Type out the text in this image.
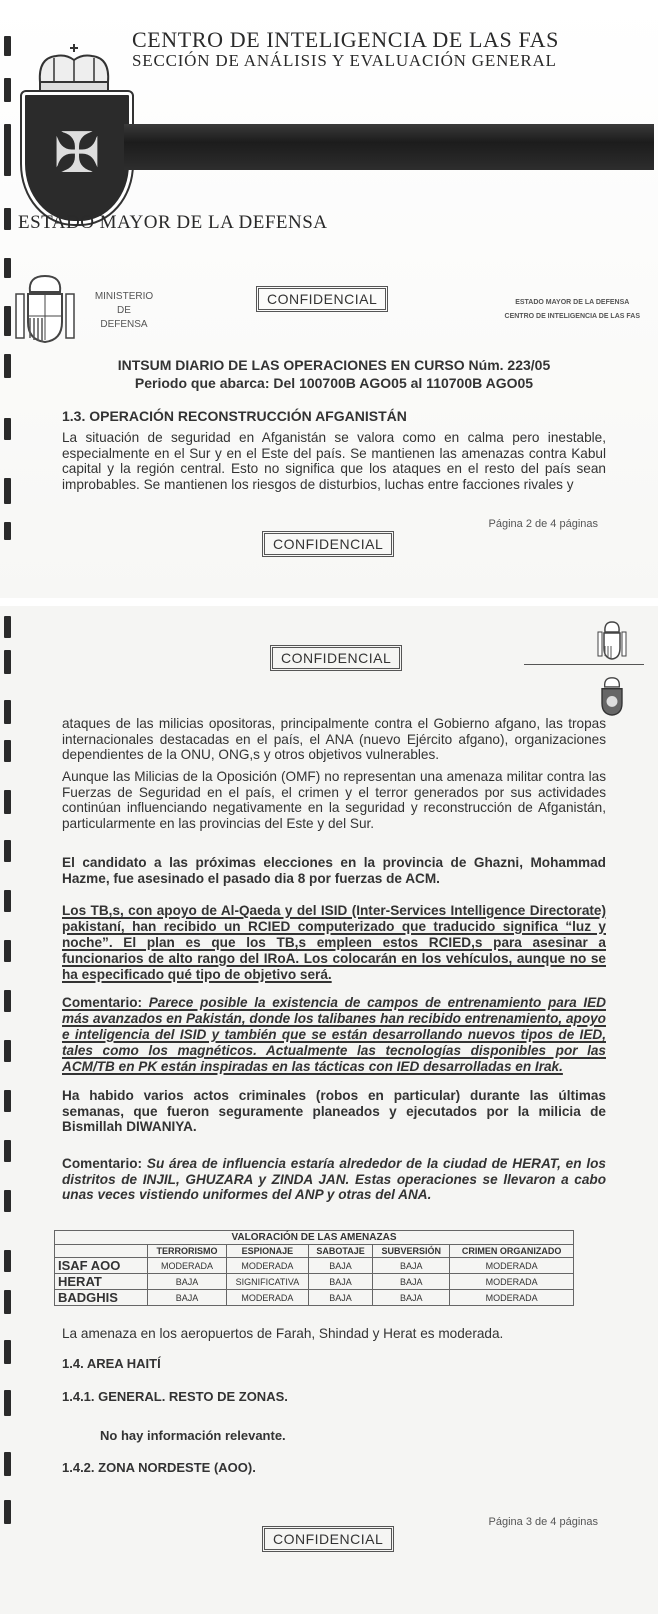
✠
CENTRO DE INTELIGENCIA DE LAS FAS
SECCIÓN DE ANÁLISIS Y EVALUACIÓN GENERAL
ESTADO MAYOR DE LA DEFENSA
MINISTERIO
DE
DEFENSA
CONFIDENCIAL	ESTADO MAYOR DE LA DEFENSA
CENTRO DE INTELIGENCIA DE LAS FAS
INTSUM DIARIO DE LAS OPERACIONES EN CURSO Núm. 223/05
Periodo que abarca: Del 100700B AGO05 al 110700B AGO05
1.3. OPERACIÓN RECONSTRUCCIÓN AFGANISTÁN
La situación de seguridad en Afganistán se valora como en calma pero inestable, especialmente en el Sur y en el Este del país. Se mantienen las amenazas contra Kabul capital y la región central. Esto no significa que los ataques en el resto del país sean improbables. Se mantienen los riesgos de disturbios, luchas entre facciones rivales y
Página 2 de 4 páginas
CONFIDENCIAL
CONFIDENCIAL
ataques de las milicias opositoras, principalmente contra el Gobierno afgano, las tropas internacionales destacadas en el país, el ANA (nuevo Ejército afgano), organizaciones dependientes de la ONU, ONG,s y otros objetivos vulnerables.
Aunque las Milicias de la Oposición (OMF) no representan una amenaza militar contra las Fuerzas de Seguridad en el país, el crimen y el terror generados por sus actividades continúan influenciando negativamente en la seguridad y reconstrucción de Afganistán, particularmente en las provincias del Este y del Sur.
El candidato a las próximas elecciones en la provincia de Ghazni, Mohammad Hazme, fue asesinado el pasado dia 8 por fuerzas de ACM.
Los TB,s, con apoyo de Al-Qaeda y del ISID (Inter-Services Intelligence Directorate) pakistaní, han recibido un RCIED computerizado que traducido significa “luz y noche”. El plan es que los TB,s empleen estos RCIED,s para asesinar a funcionarios de alto rango del IRoA. Los colocarán en los vehículos, aunque no se ha especificado qué tipo de objetivo será.
Comentario: Parece posible la existencia de campos de entrenamiento para IED más avanzados en Pakistán, donde los talibanes han recibido entrenamiento, apoyo e inteligencia del ISID y también que se están desarrollando nuevos tipos de IED, tales como los magnéticos. Actualmente las tecnologías disponibles por las ACM/TB en PK están inspiradas en las tácticas con IED desarrolladas en Irak.
Ha habido varios actos criminales (robos en particular) durante las últimas semanas, que fueron seguramente planeados y ejecutados por la milicia de Bismillah DIWANIYA.
Comentario: Su área de influencia estaría alrededor de la ciudad de HERAT, en los distritos de INJIL, GHUZARA y ZINDA JAN. Estas operaciones se llevaron a cabo unas veces vistiendo uniformes del ANP y otras del ANA.
VALORACIÓN DE LAS AMENAZAS					
	TERRORISMO	ESPIONAJE	SABOTAJE	SUBVERSIÓN	CRIMEN ORGANIZADO
ISAF AOO	MODERADA	MODERADA	BAJA	BAJA	MODERADA
HERAT	BAJA	SIGNIFICATIVA	BAJA	BAJA	MODERADA
BADGHIS	BAJA	MODERADA	BAJA	BAJA	MODERADA
La amenaza en los aeropuertos de Farah, Shindad y Herat es moderada.
1.4. AREA HAITÍ
1.4.1. GENERAL. RESTO DE ZONAS.
No hay información relevante.
1.4.2. ZONA NORDESTE (AOO).
Página 3 de 4 páginas
CONFIDENCIAL
